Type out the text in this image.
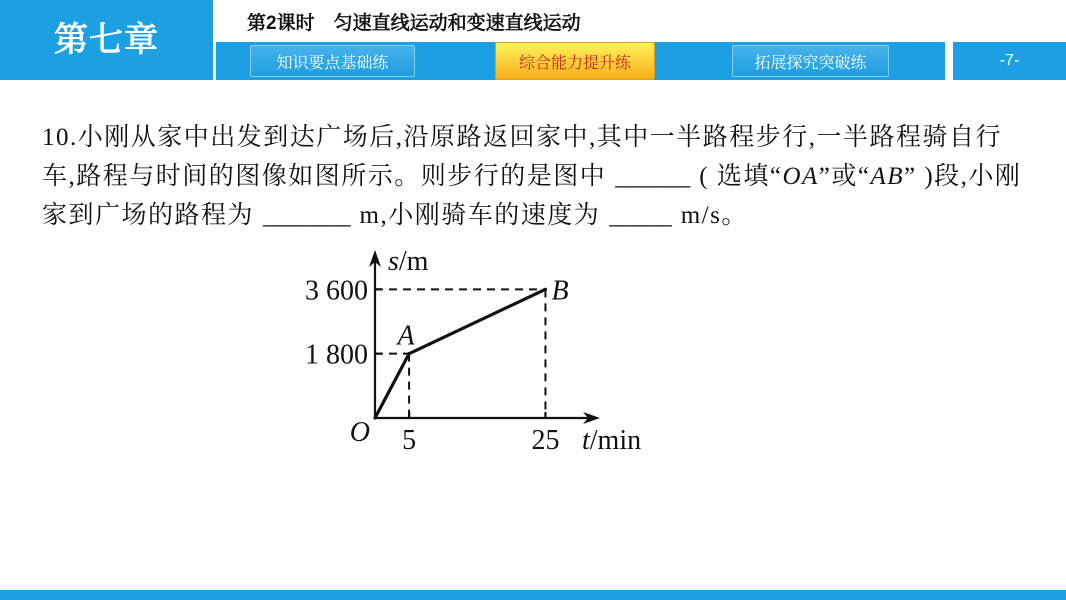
第七章	第2课时　匀速直线运动和变速直线运动
知识要点基础练	综合能力提升练	拓展探究突破练	-7-
10.小刚从家中出发到达广场后,沿原路返回家中,其中一半路程步行,一半路程骑自行
车,路程与时间的图像如图所示。则步行的是图中 ______ ( 选填“OA”或“AB” )段,小刚
家到广场的路程为 _______ m,小刚骑车的速度为 _____ m/s。
1 800
3 600
5	25
O
A
B
s/m
t/min
